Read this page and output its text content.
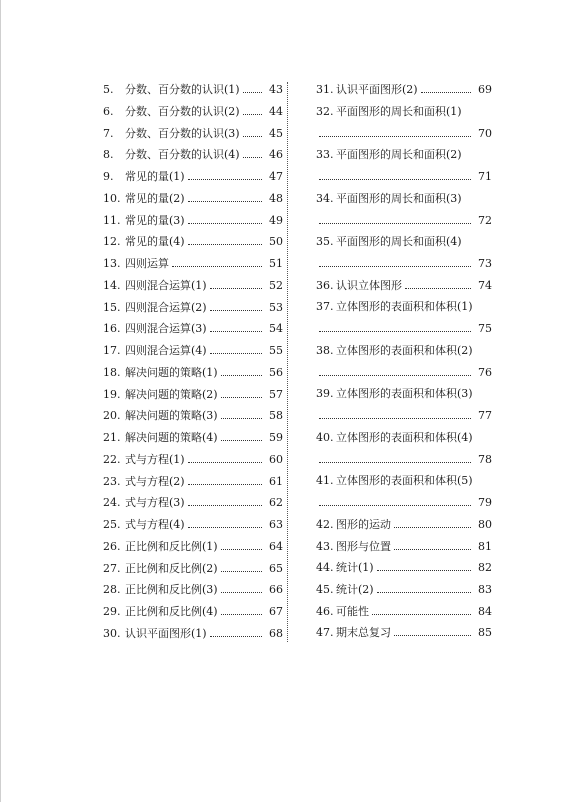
5.	分数、百分数的认识(1)	43
6.	分数、百分数的认识(2)	44
7.	分数、百分数的认识(3)	45
8.	分数、百分数的认识(4)	46
9.	常见的量(1)	47
10. 常见的量(2)	48
11. 常见的量(3)	49
12. 常见的量(4)	50
13. 四则运算	51
14. 四则混合运算(1)	52
15. 四则混合运算(2)	53
16. 四则混合运算(3)	54
17. 四则混合运算(4)	55
18. 解决问题的策略(1)	56
19. 解决问题的策略(2)	57
20. 解决问题的策略(3)	58
21. 解决问题的策略(4)	59
22. 式与方程(1)	60
23. 式与方程(2)	61
24. 式与方程(3)	62
25. 式与方程(4)	63
26. 正比例和反比例(1)	64
27. 正比例和反比例(2)	65
28. 正比例和反比例(3)	66
29. 正比例和反比例(4)	67
30. 认识平面图形(1)	68
31. 认识平面图形(2)	69
32. 平面图形的周长和面积(1)
70
33. 平面图形的周长和面积(2)
71
34. 平面图形的周长和面积(3)
72
35. 平面图形的周长和面积(4)
73
36. 认识立体图形	74
37. 立体图形的表面积和体积(1)
75
38. 立体图形的表面积和体积(2)
76
39. 立体图形的表面积和体积(3)
77
40. 立体图形的表面积和体积(4)
78
41. 立体图形的表面积和体积(5)
79
42. 图形的运动	80
43. 图形与位置	81
44. 统计(1)	82
45. 统计(2)	83
46. 可能性	84
47. 期末总复习	85
